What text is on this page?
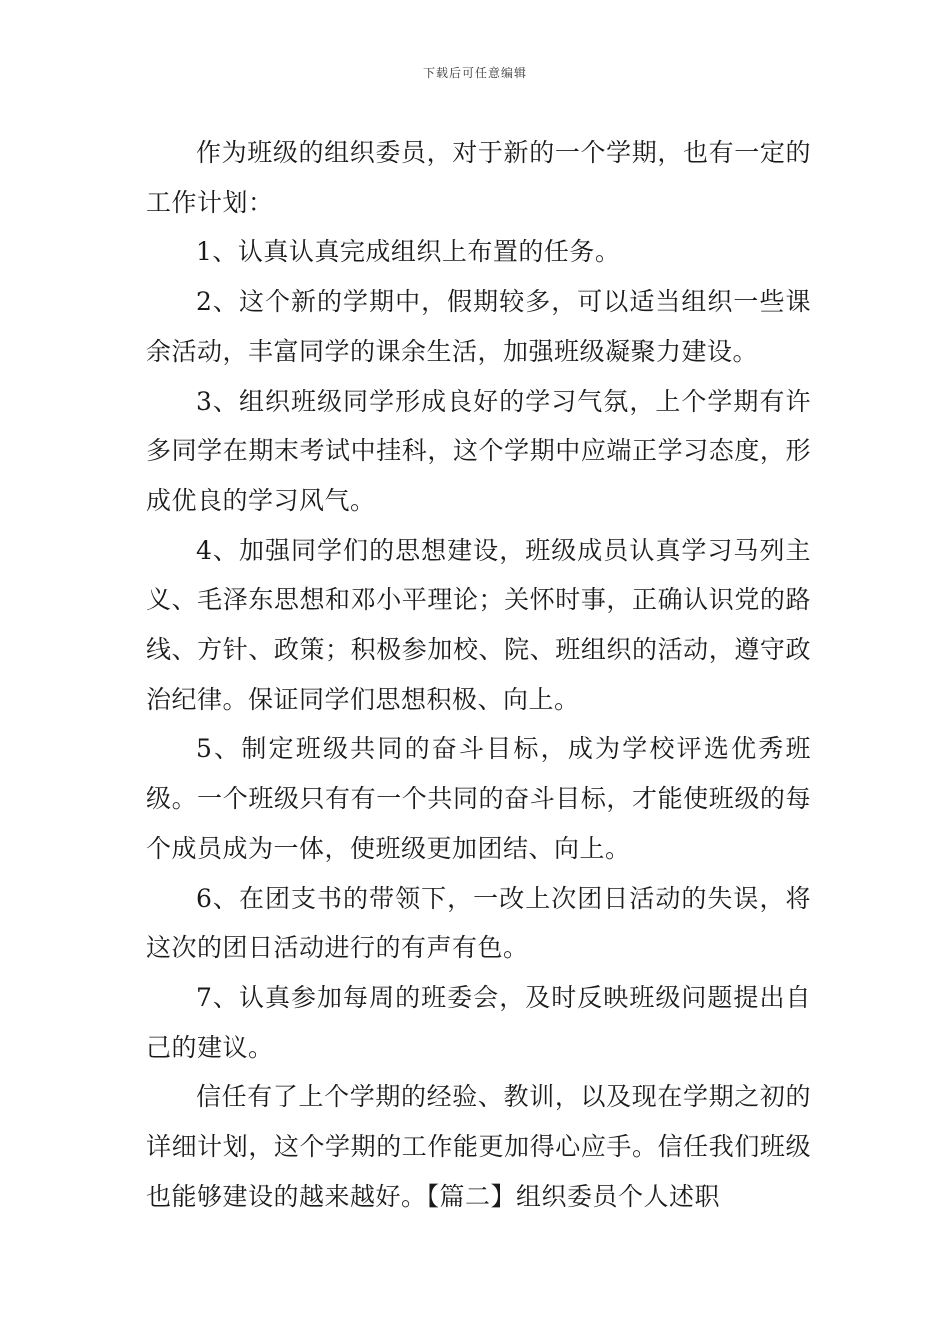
下载后可任意编辑

作为班级的组织委员，对于新的一个学期，也有一定的工作计划：

1、认真认真完成组织上布置的任务。

2、这个新的学期中，假期较多，可以适当组织一些课余活动，丰富同学的课余生活，加强班级凝聚力建设。

3、组织班级同学形成良好的学习气氛，上个学期有许多同学在期末考试中挂科，这个学期中应端正学习态度，形成优良的学习风气。

4、加强同学们的思想建设，班级成员认真学习马列主义、毛泽东思想和邓小平理论；关怀时事，正确认识党的路线、方针、政策；积极参加校、院、班组织的活动，遵守政治纪律。保证同学们思想积极、向上。

5、制定班级共同的奋斗目标，成为学校评选优秀班级。一个班级只有有一个共同的奋斗目标，才能使班级的每个成员成为一体，使班级更加团结、向上。

6、在团支书的带领下，一改上次团日活动的失误，将这次的团日活动进行的有声有色。

7、认真参加每周的班委会，及时反映班级问题提出自己的建议。

信任有了上个学期的经验、教训，以及现在学期之初的详细计划，这个学期的工作能更加得心应手。信任我们班级也能够建设的越来越好。【篇二】组织委员个人述职
